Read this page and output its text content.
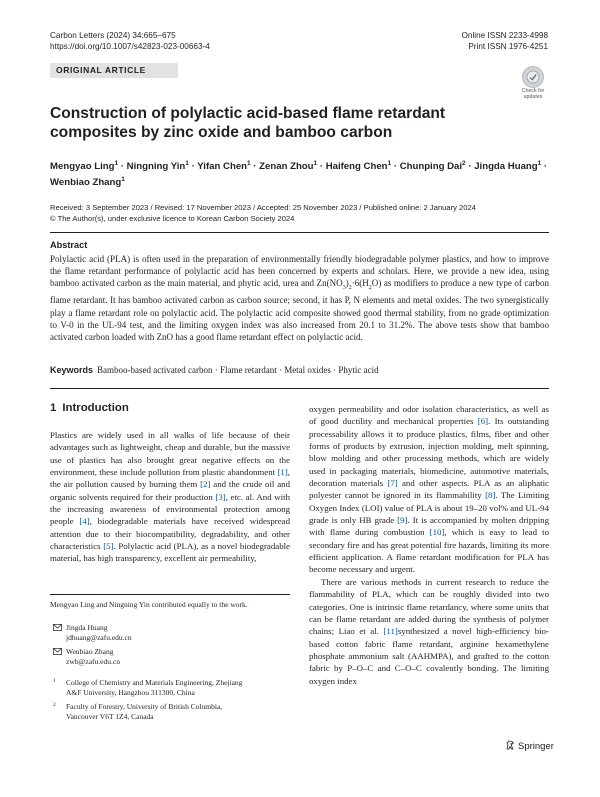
Carbon Letters (2024) 34:665–675
https://doi.org/10.1007/s42823-023-00663-4
Online ISSN 2233-4998
Print ISSN 1976-4251
ORIGINAL ARTICLE
Check for
updates
Construction of polylactic acid-based flame retardant composites by zinc oxide and bamboo carbon
Mengyao Ling$^1$ · Ningning Yin$^1$ · Yifan Chen$^1$ · Zenan Zhou$^1$ · Haifeng Chen$^1$ · Chunping Dai$^2$ · Jingda Huang$^1$ · Wenbiao Zhang$^1$
Received: 3 September 2023 / Revised: 17 November 2023 / Accepted: 25 November 2023 / Published online: 2 January 2024
© The Author(s), under exclusive licence to Korean Carbon Society 2024
Abstract
Polylactic acid (PLA) is often used in the preparation of environmentally friendly biodegradable polymer plastics, and how to improve the flame retardant performance of polylactic acid has been concerned by experts and scholars. Here, we provide a new idea, using bamboo activated carbon as the main material, and phytic acid, urea and $Zn(NO_3)_2\cdot 6(H_2O)$ as modifiers to produce a new type of carbon flame retardant. It has bamboo activated carbon as carbon source; second, it has P, N elements and metal oxides. The two synergistically play a flame retardant role on polylactic acid. The polylactic acid composite showed good thermal stability, from no grade optimization to V-0 in the UL-94 test, and the limiting oxygen index was also increased from 20.1 to 31.2%. The above tests show that bamboo activated carbon loaded with ZnO has a good flame retardant effect on polylactic acid.
Keywords Bamboo-based activated carbon · Flame retardant · Metal oxides · Phytic acid
1 Introduction

Plastics are widely used in all walks of life because of their advantages such as lightweight, cheap and durable, but the massive use of plastics has also brought great negative effects on the environment, these include pollution from plastic abandonment [1], the air pollution caused by burning them [2] and the crude oil and organic solvents required for their production [3], etc. al. And with the increasing awareness of environmental protection among people [4], biodegradable materials have received widespread attention due to their biocompatibility, degradability, and other characteristics [5]. Polylactic acid (PLA), as a novel biodegradable material, has high transparency, excellent air permeability,

Mengyao Ling and Ningning Yin contributed equally to the work.
Jingda Huang
jdhuang@zafu.edu.cn
Wenbiao Zhang
zwb@zafu.edu.cn
1 College of Chemistry and Materials Engineering, Zhejiang
A&F University, Hangzhou 311300, China
2 Faculty of Forestry, University of British Columbia,
Vancouver V6T 1Z4, Canada

oxygen permeability and odor isolation characteristics, as well as of good ductility and mechanical properties [6]. Its outstanding processability allows it to produce plastics, films, fiber and other forms of products by extrusion, injection molding, melt spinning, blow molding and other processing methods, which are widely used in packaging materials, biomedicine, automotive materials, decoration materials [7] and other aspects. PLA as an aliphatic polyester cannot be ignored in its flammability [8]. The Limiting Oxygen Index (LOI) value of PLA is about 19–20 vol% and UL-94 grade is only HB grade [9]. It is accompanied by molten dripping with flame during combustion [10], which is easy to lead to secondary fire and has great potential fire hazards, limiting its more efficient application. A flame retardant modification for PLA has become necessary and urgent.

There are various methods in current research to reduce the flammability of PLA, which can be roughly divided into two categories. One is intrinsic flame retardancy, where some units that can be flame retardant are added during the synthesis of polymer chains; Liao et al. [11]synthesized a novel high-efficiency bio-based cotton fabric flame retardant, arginine hexamethylene phosphate ammonium salt (AAHMPA), and grafted to the cotton fabric by P–O–C and C–O–C covalently bonding. The limiting oxygen index

Springer
